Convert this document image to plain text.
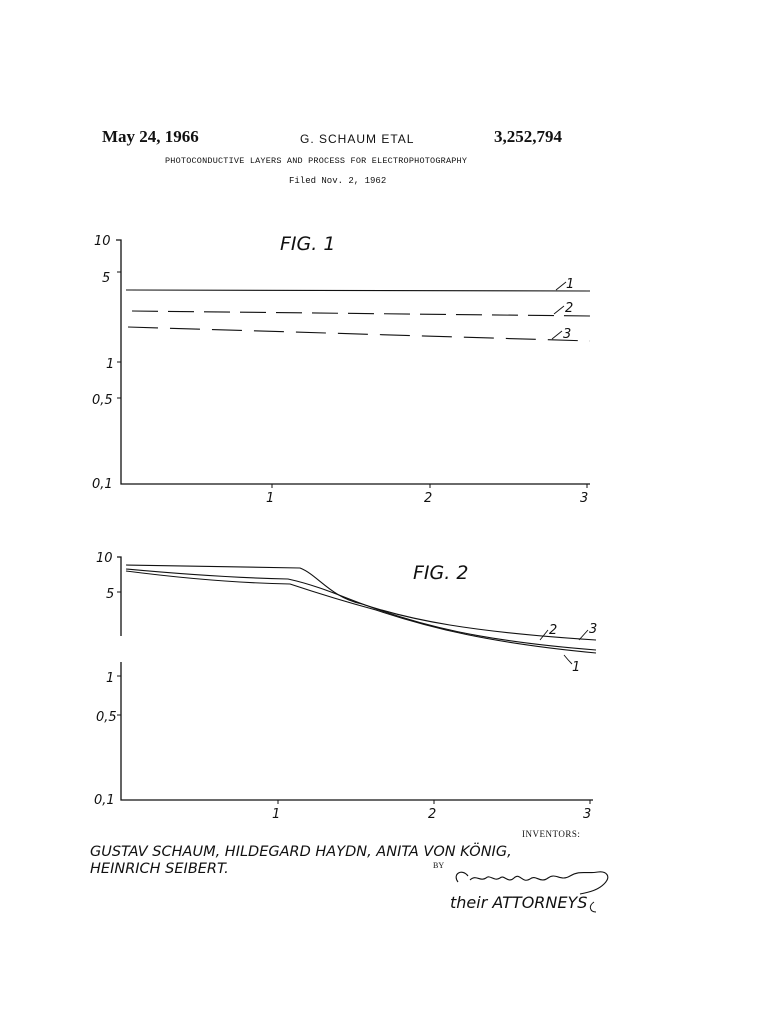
May 24, 1966	G. SCHAUM ETAL	3,252,794
PHOTOCONDUCTIVE LAYERS AND PROCESS FOR ELECTROPHOTOGRAPHY
Filed Nov. 2, 1962
10
5
1
0,5
0,1
1	2	3
FIG. 1
1
2
3
10
5
1
0,5
0,1
1	2	3
FIG. 2
2 3
1
INVENTORS:
GUSTAV SCHAUM, HILDEGARD HAYDN, ANITA VON KÖNIG,
HEINRICH SEIBERT.	BY
their ATTORNEYS
